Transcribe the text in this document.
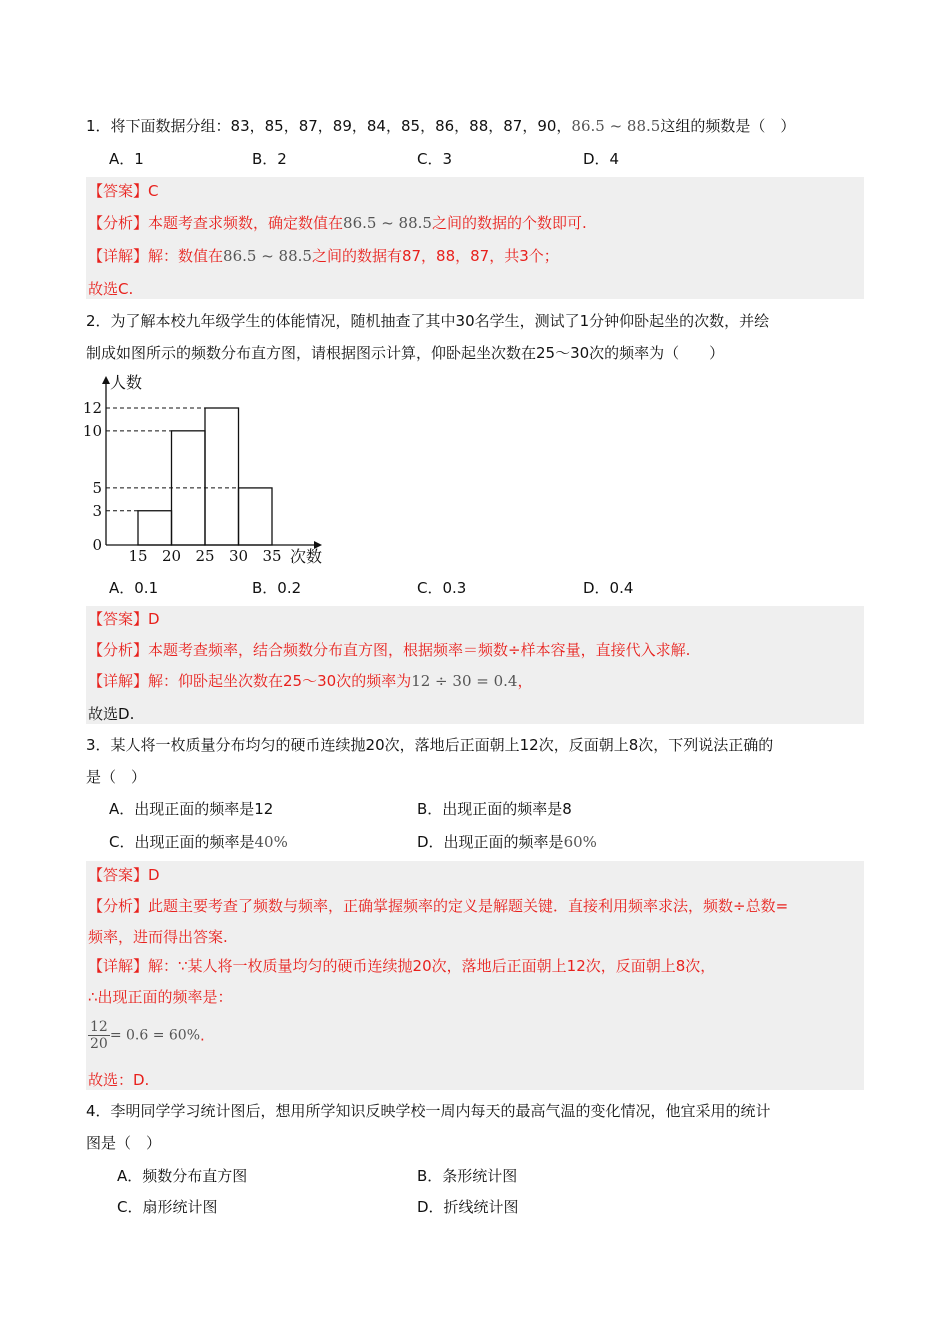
1．将下面数据分组：83，85，87，89，84，85，86，88，87，90，86.5 ~ 88.5这组的频数是（　）
A．1	B．2	C．3	D．4
【答案】C
【分析】本题考查求频数，确定数值在86.5 ~ 88.5之间的数据的个数即可.
【详解】解：数值在86.5 ~ 88.5之间的数据有87，88，87，共3个；
故选C.
2．为了解本校九年级学生的体能情况，随机抽查了其中30名学生，测试了1分钟仰卧起坐的次数，并绘
制成如图所示的频数分布直方图，请根据图示计算，仰卧起坐次数在25～30次的频率为（　　）
15 20 25 30 35
12
10
5
3
0
人数
次数
A．0.1	B．0.2	C．0.3	D．0.4
【答案】D
【分析】本题考查频率，结合频数分布直方图，根据频率＝频数÷样本容量，直接代入求解.
【详解】解：仰卧起坐次数在25～30次的频率为12 ÷ 30 = 0.4，
故选D.
3．某人将一枚质量分布均匀的硬币连续抛20次，落地后正面朝上12次，反面朝上8次，下列说法正确的
是（　）
A．出现正面的频率是12	B．出现正面的频率是8
C．出现正面的频率是40%	D．出现正面的频率是60%
【答案】D
【分析】此题主要考查了频数与频率，正确掌握频率的定义是解题关键．直接利用频率求法，频数÷总数=
频率，进而得出答案.
【详解】解：∵某人将一枚质量均匀的硬币连续抛20次，落地后正面朝上12次，反面朝上8次，
∴出现正面的频率是：
$\frac{12}{20} = 0.6 = 60\%$.
故选：D.
4．李明同学学习统计图后，想用所学知识反映学校一周内每天的最高气温的变化情况，他宜采用的统计
图是（　）
A．频数分布直方图	B．条形统计图
C．扇形统计图	D．折线统计图
